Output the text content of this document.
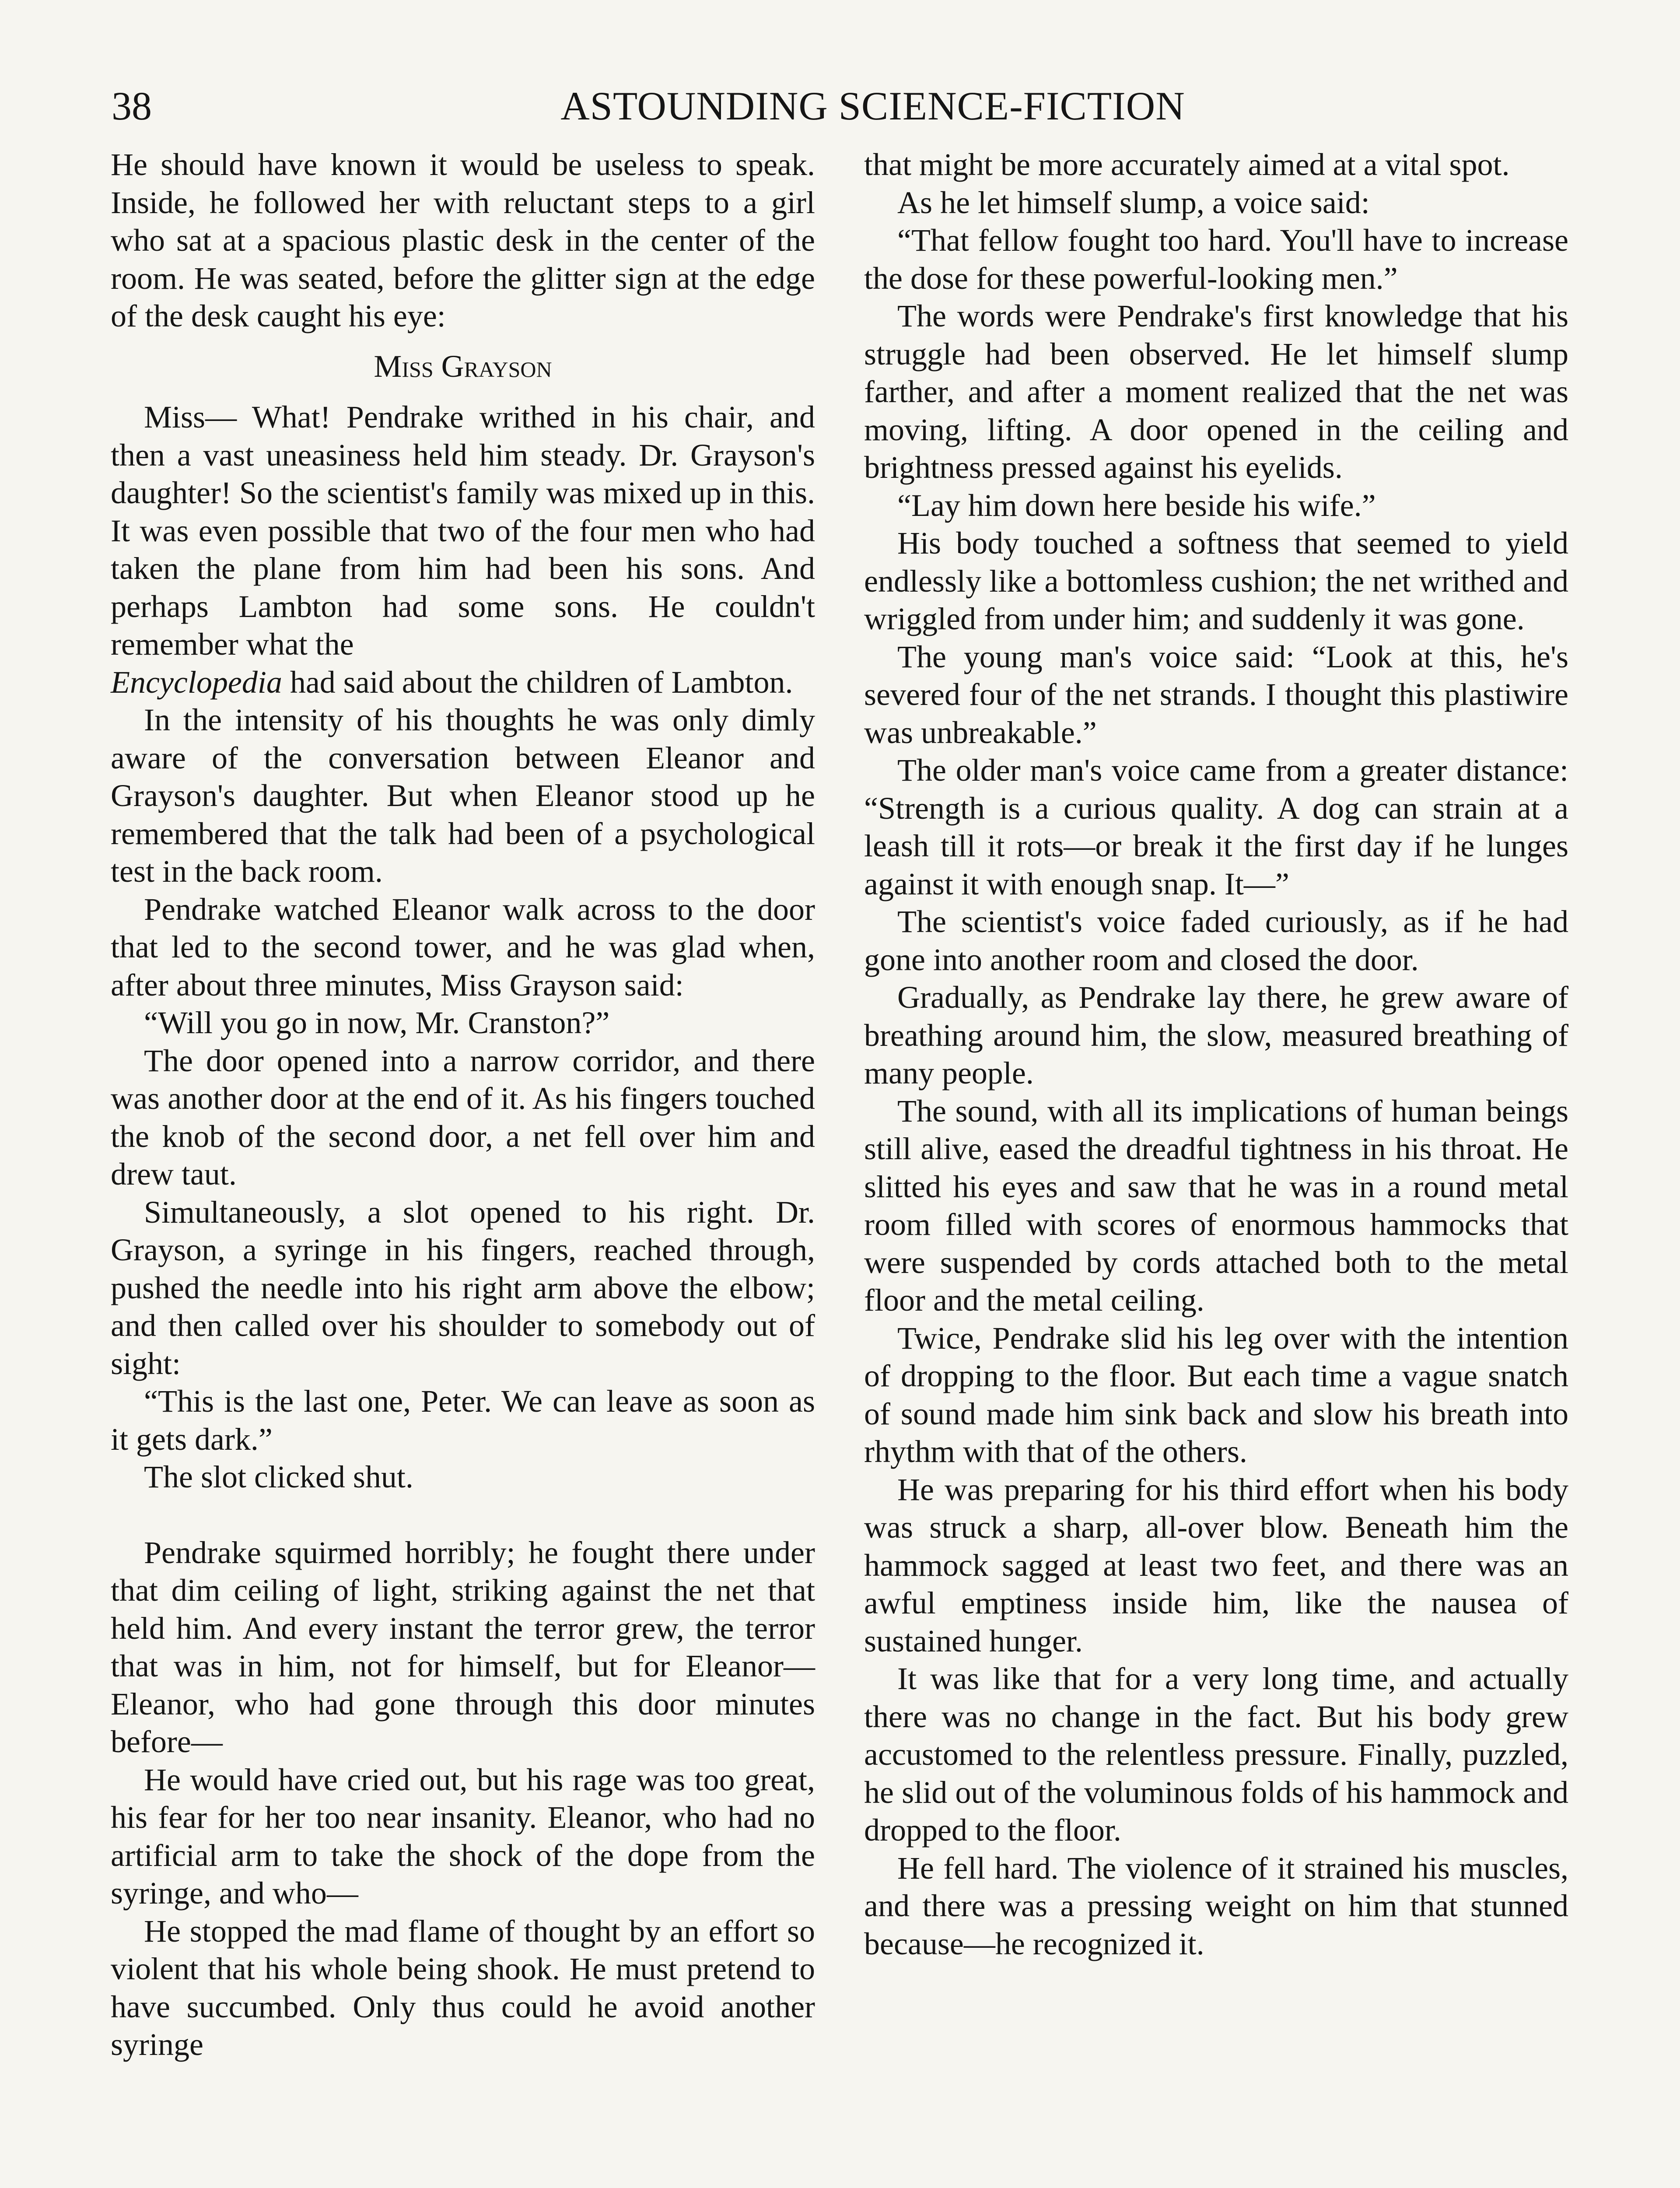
38	ASTOUNDING SCIENCE-FICTION

He should have known it would be useless to speak. Inside, he followed her with reluctant steps to a girl who sat at a spacious plastic desk in the center of the room. He was seated, before the glitter sign at the edge of the desk caught his eye:

Miss Grayson

Miss— What! Pendrake writhed in his chair, and then a vast uneasiness held him steady. Dr. Grayson's daughter! So the scientist's family was mixed up in this. It was even possible that two of the four men who had taken the plane from him had been his sons. And perhaps Lambton had some sons. He couldn't remember what the

Encyclopedia had said about the children of Lambton.

In the intensity of his thoughts he was only dimly aware of the conversation between Eleanor and Grayson's daughter. But when Eleanor stood up he remembered that the talk had been of a psychological test in the back room.

Pendrake watched Eleanor walk across to the door that led to the second tower, and he was glad when, after about three minutes, Miss Grayson said:

“Will you go in now, Mr. Cranston?”

The door opened into a narrow corridor, and there was another door at the end of it. As his fingers touched the knob of the second door, a net fell over him and drew taut.

Simultaneously, a slot opened to his right. Dr. Grayson, a syringe in his fingers, reached through, pushed the needle into his right arm above the elbow; and then called over his shoulder to somebody out of sight:

“This is the last one, Peter. We can leave as soon as it gets dark.”

The slot clicked shut.

Pendrake squirmed horribly; he fought there under that dim ceiling of light, striking against the net that held him. And every instant the terror grew, the terror that was in him, not for himself, but for Eleanor— Eleanor, who had gone through this door minutes before—

He would have cried out, but his rage was too great, his fear for her too near insanity. Eleanor, who had no artificial arm to take the shock of the dope from the syringe, and who—

He stopped the mad flame of thought by an effort so violent that his whole being shook. He must pretend to have succumbed. Only thus could he avoid another syringe

that might be more accurately aimed at a vital spot.

As he let himself slump, a voice said:

“That fellow fought too hard. You'll have to increase the dose for these powerful-looking men.”

The words were Pendrake's first knowledge that his struggle had been observed. He let himself slump farther, and after a moment realized that the net was moving, lifting. A door opened in the ceiling and brightness pressed against his eyelids.

“Lay him down here beside his wife.”

His body touched a softness that seemed to yield endlessly like a bottomless cushion; the net writhed and wriggled from under him; and suddenly it was gone.

The young man's voice said: “Look at this, he's severed four of the net strands. I thought this plastiwire was unbreakable.”

The older man's voice came from a greater distance: “Strength is a curious quality. A dog can strain at a leash till it rots—or break it the first day if he lunges against it with enough snap. It—”

The scientist's voice faded curiously, as if he had gone into another room and closed the door.

Gradually, as Pendrake lay there, he grew aware of breathing around him, the slow, measured breathing of many people.

The sound, with all its implications of human beings still alive, eased the dreadful tightness in his throat. He slitted his eyes and saw that he was in a round metal room filled with scores of enormous hammocks that were suspended by cords attached both to the metal floor and the metal ceiling.

Twice, Pendrake slid his leg over with the intention of dropping to the floor. But each time a vague snatch of sound made him sink back and slow his breath into rhythm with that of the others.

He was preparing for his third effort when his body was struck a sharp, all-over blow. Beneath him the hammock sagged at least two feet, and there was an awful emptiness inside him, like the nausea of sustained hunger.

It was like that for a very long time, and actually there was no change in the fact. But his body grew accustomed to the relentless pressure. Finally, puzzled, he slid out of the voluminous folds of his hammock and dropped to the floor.

He fell hard. The violence of it strained his muscles, and there was a pressing weight on him that stunned because—he recognized it.
